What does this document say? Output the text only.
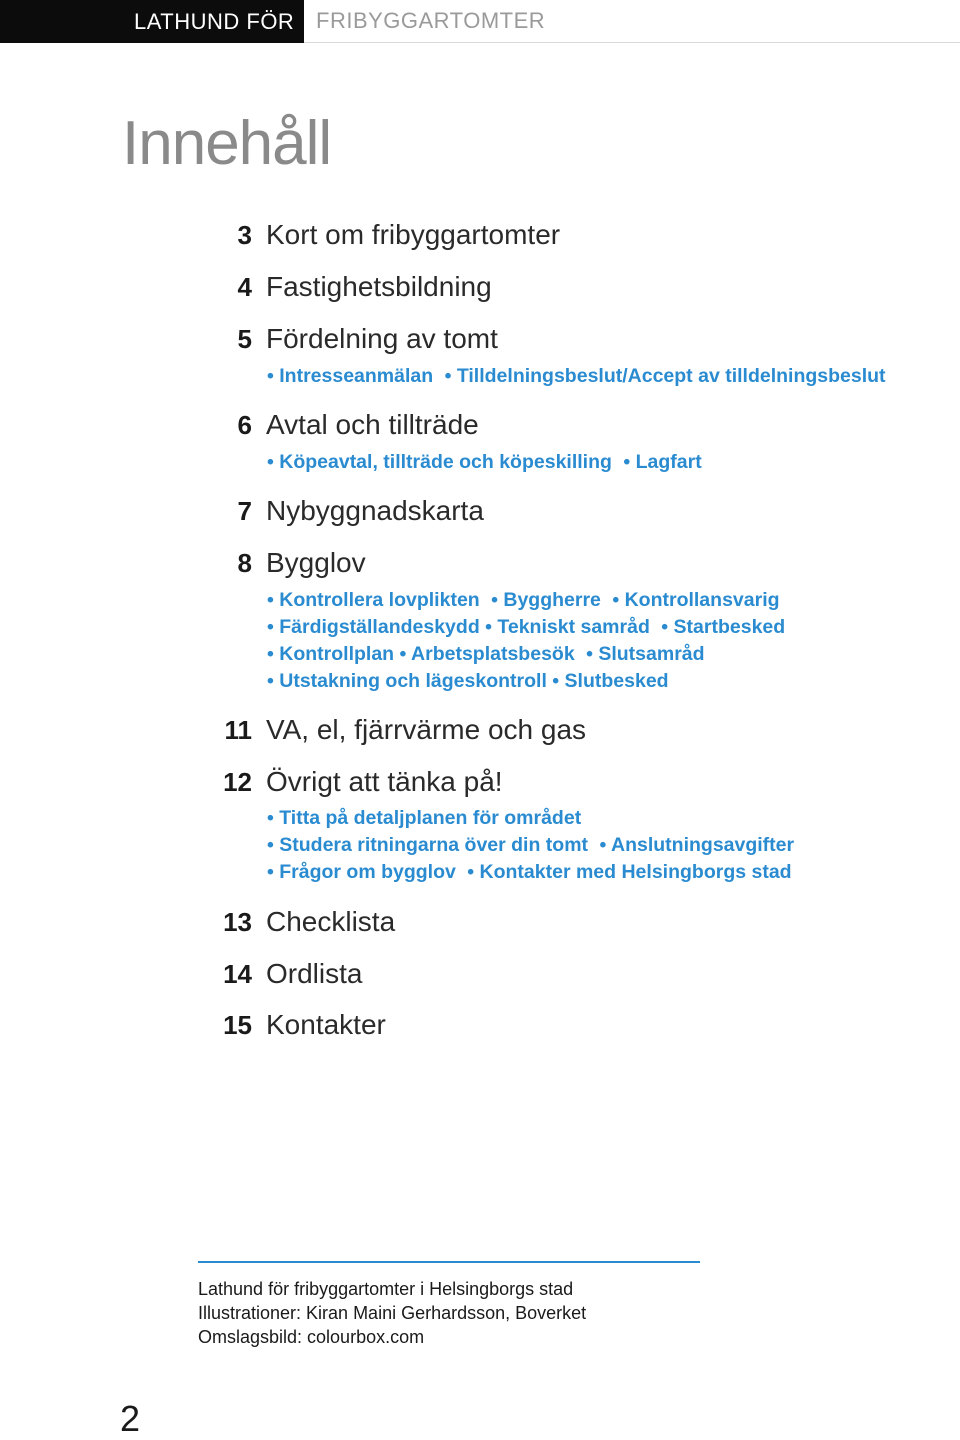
LATHUND FÖR FRIBYGGARTOMTER
Innehåll
3 Kort om fribyggartomter
4 Fastighetsbildning
5 Fördelning av tomt
• Intresseanmälan • Tilldelningsbeslut/Accept av tilldelningsbeslut
6 Avtal och tillträde
• Köpeavtal, tillträde och köpeskilling • Lagfart
7 Nybyggnadskarta
8 Bygglov
• Kontrollera lovplikten • Byggherre • Kontrollansvarig
• Färdigställandeskydd • Tekniskt samråd • Startbesked
• Kontrollplan • Arbetsplatsbesök • Slutsamråd
• Utstakning och lägeskontroll • Slutbesked
11 VA, el, fjärrvärme och gas
12 Övrigt att tänka på!
• Titta på detaljplanen för området
• Studera ritningarna över din tomt • Anslutningsavgifter
• Frågor om bygglov • Kontakter med Helsingborgs stad
13 Checklista
14 Ordlista
15 Kontakter
Lathund för fribyggartomter i Helsingborgs stad
Illustrationer: Kiran Maini Gerhardsson, Boverket
Omslagsbild: colourbox.com
2
